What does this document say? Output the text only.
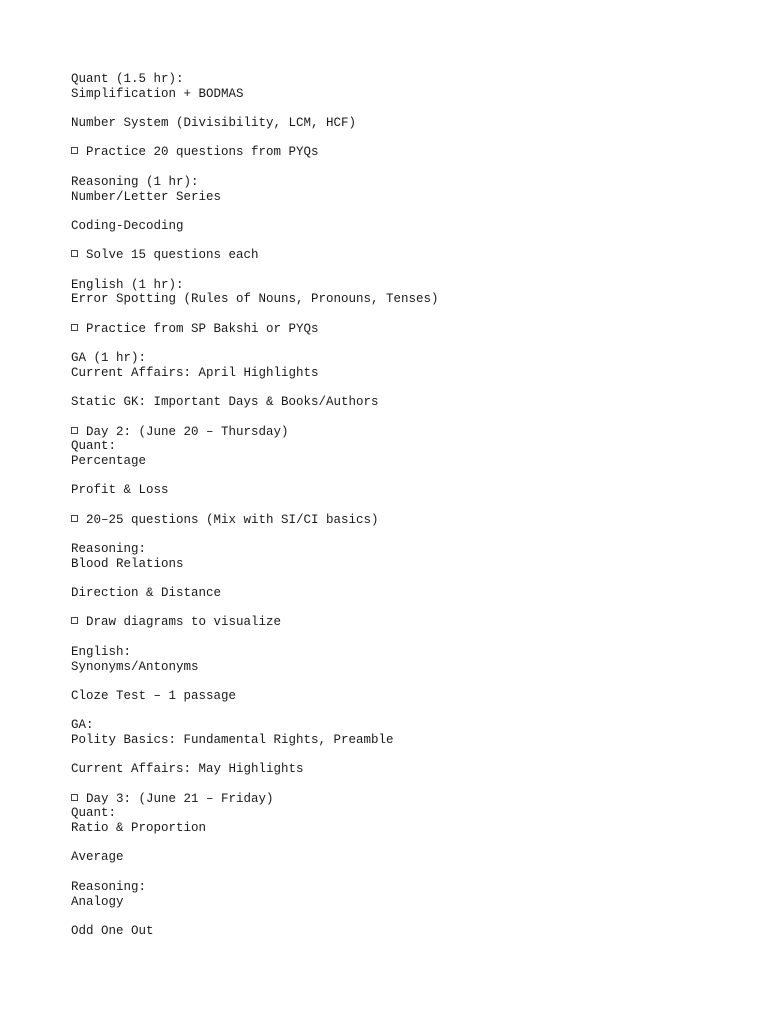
Quant (1.5 hr):
Simplification + BODMAS
Number System (Divisibility, LCM, HCF)
Practice 20 questions from PYQs
Reasoning (1 hr):
Number/Letter Series
Coding-Decoding
Solve 15 questions each
English (1 hr):
Error Spotting (Rules of Nouns, Pronouns, Tenses)
Practice from SP Bakshi or PYQs
GA (1 hr):
Current Affairs: April Highlights
Static GK: Important Days & Books/Authors
Day 2: (June 20 – Thursday)
Quant:
Percentage
Profit & Loss
20–25 questions (Mix with SI/CI basics)
Reasoning:
Blood Relations
Direction & Distance
Draw diagrams to visualize
English:
Synonyms/Antonyms
Cloze Test – 1 passage
GA:
Polity Basics: Fundamental Rights, Preamble
Current Affairs: May Highlights
Day 3: (June 21 – Friday)
Quant:
Ratio & Proportion
Average
Reasoning:
Analogy
Odd One Out
